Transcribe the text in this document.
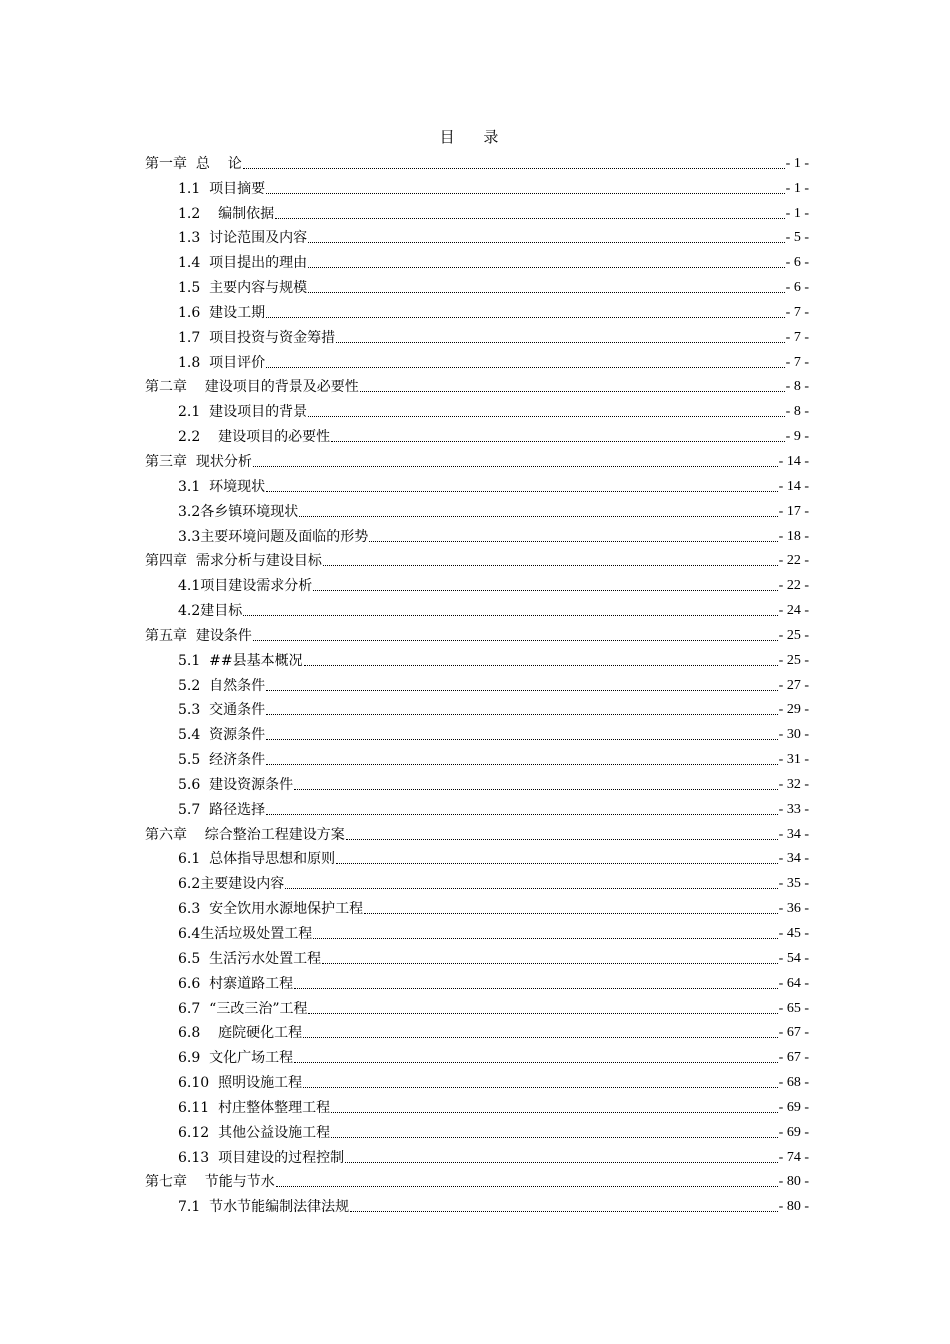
目 录
第一章  总    论	- 1 -
1.1  项目摘要	- 1 -
1.2    编制依据	- 1 -
1.3  讨论范围及内容	- 5 -
1.4  项目提出的理由	- 6 -
1.5  主要内容与规模	- 6 -
1.6  建设工期	- 7 -
1.7  项目投资与资金筹措	- 7 -
1.8  项目评价	- 7 -
第二章    建设项目的背景及必要性	- 8 -
2.1  建设项目的背景	- 8 -
2.2    建设项目的必要性	- 9 -
第三章  现状分析	- 14 -
3.1  环境现状	- 14 -
3.2各乡镇环境现状	- 17 -
3.3主要环境问题及面临的形势	- 18 -
第四章  需求分析与建设目标	- 22 -
4.1项目建设需求分析	- 22 -
4.2建目标	- 24 -
第五章  建设条件	- 25 -
5.1  ##县基本概况	- 25 -
5.2  自然条件	- 27 -
5.3  交通条件	- 29 -
5.4  资源条件	- 30 -
5.5  经济条件	- 31 -
5.6  建设资源条件	- 32 -
5.7  路径选择	- 33 -
第六章    综合整治工程建设方案	- 34 -
6.1  总体指导思想和原则	- 34 -
6.2主要建设内容	- 35 -
6.3  安全饮用水源地保护工程	- 36 -
6.4生活垃圾处置工程	- 45 -
6.5  生活污水处置工程	- 54 -
6.6  村寨道路工程	- 64 -
6.7  “三改三治”工程	- 65 -
6.8    庭院硬化工程	- 67 -
6.9  文化广场工程	- 67 -
6.10  照明设施工程	- 68 -
6.11  村庄整体整理工程	- 69 -
6.12  其他公益设施工程	- 69 -
6.13  项目建设的过程控制	- 74 -
第七章    节能与节水	- 80 -
7.1  节水节能编制法律法规	- 80 -
